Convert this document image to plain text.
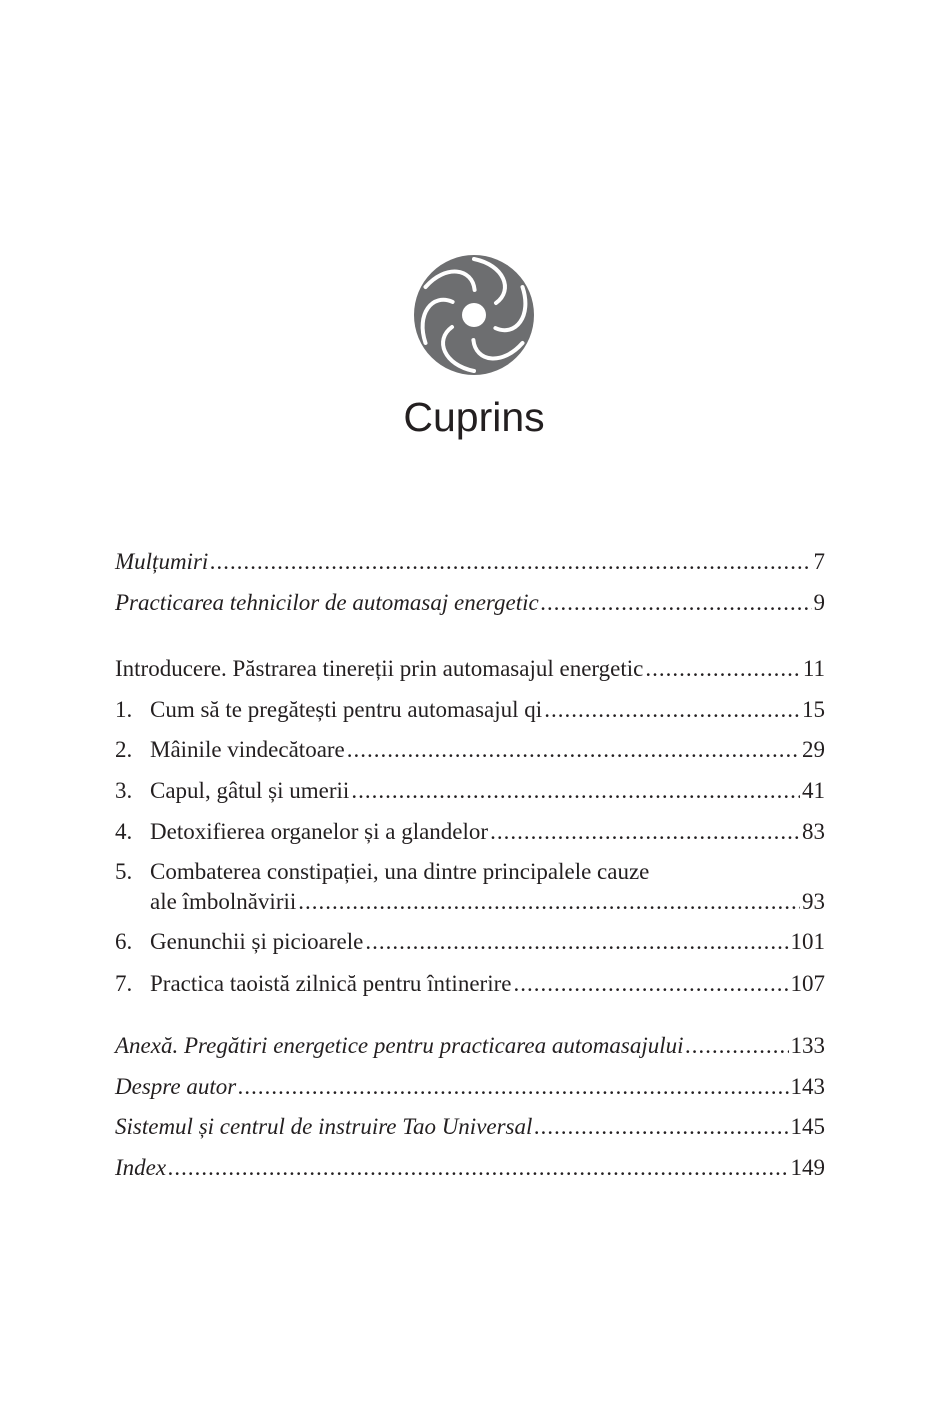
Cuprins
Mulțumiri .....	7
Practicarea tehnicilor de automasaj energetic .....	9
Introducere. Păstrarea tinereții prin automasajul energetic .....	11
1. Cum să te pregătești pentru automasajul qi .....	15
2. Mâinile vindecătoare .....	29
3. Capul, gâtul și umerii .....	41
4. Detoxifierea organelor și a glandelor .....	83
5. Combaterea constipației, una dintre principalele cauze
ale îmbolnăvirii .....	93
6. Genunchii și picioarele .....	101
7. Practica taoistă zilnică pentru întinerire .....	107
Anexă. Pregătiri energetice pentru practicarea automasajului .....	133
Despre autor .....	143
Sistemul și centrul de instruire Tao Universal .....	145
Index .....	149
